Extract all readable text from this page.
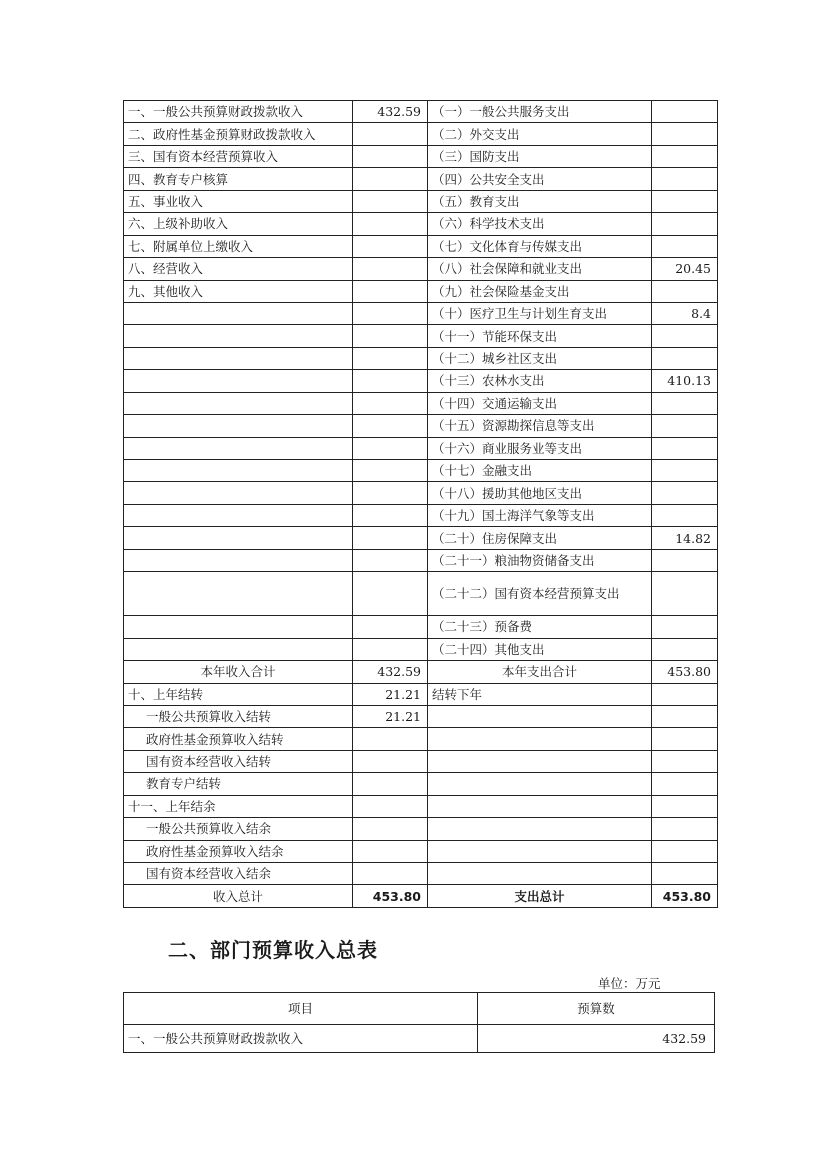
一、一般公共预算财政拨款收入	432.59	（一）一般公共服务支出	
二、政府性基金预算财政拨款收入		（二）外交支出	
三、国有资本经营预算收入		（三）国防支出	
四、教育专户核算		（四）公共安全支出	
五、事业收入		（五）教育支出	
六、上级补助收入		（六）科学技术支出	
七、附属单位上缴收入		（七）文化体育与传媒支出	
八、经营收入		（八）社会保障和就业支出	20.45
九、其他收入		（九）社会保险基金支出	
		（十）医疗卫生与计划生育支出	8.4
		（十一）节能环保支出	
		（十二）城乡社区支出	
		（十三）农林水支出	410.13
		（十四）交通运输支出	
		（十五）资源勘探信息等支出	
		（十六）商业服务业等支出	
		（十七）金融支出	
		（十八）援助其他地区支出	
		（十九）国土海洋气象等支出	
		（二十）住房保障支出	14.82
		（二十一）粮油物资储备支出	
		（二十二）国有资本经营预算支出	
		（二十三）预备费	
		（二十四）其他支出	
本年收入合计	432.59	本年支出合计	453.80
十、上年结转	21.21	结转下年	
一般公共预算收入结转	21.21		
政府性基金预算收入结转			
国有资本经营收入结转			
教育专户结转			
十一、上年结余			
一般公共预算收入结余			
政府性基金预算收入结余			
国有资本经营收入结余			
收入总计	453.80	支出总计	453.80
二、部门预算收入总表
单位：万元
项目	预算数
一、一般公共预算财政拨款收入	432.59
